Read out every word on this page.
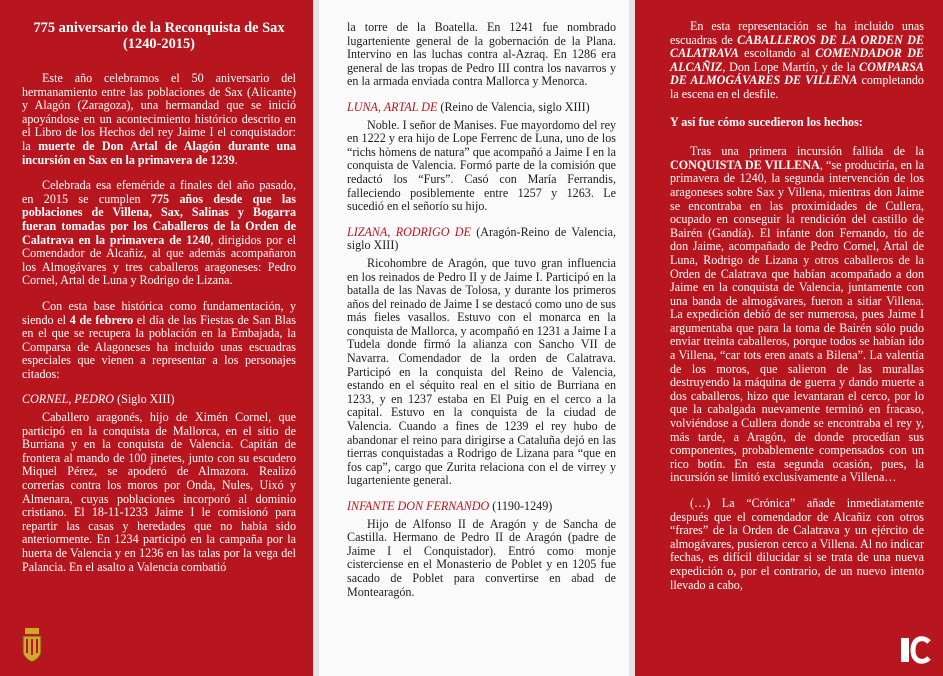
775 aniversario de la Reconquista de Sax (1240-2015)

Este año celebramos el 50 aniversario del hermanamiento entre las poblaciones de Sax (Alicante) y Alagón (Zaragoza), una hermandad que se inició apoyándose en un acontecimiento histórico descrito en el Libro de los Hechos del rey Jaime I el conquistador: la muerte de Don Artal de Alagón durante una incursión en Sax en la primavera de 1239.

Celebrada esa efeméride a finales del año pasado, en 2015 se cumplen 775 años desde que las poblaciones de Villena, Sax, Salinas y Bogarra fueran tomadas por los Caballeros de la Orden de Calatrava en la primavera de 1240, dirigidos por el Comendador de Alcañiz, al que además acompañaron los Almogávares y tres caballeros aragoneses: Pedro Cornel, Artal de Luna y Rodrigo de Lizana.

Con esta base histórica como fundamentación, y siendo el 4 de febrero el día de las Fiestas de San Blas en el que se recupera la población en la Embajada, la Comparsa de Alagoneses ha incluido unas escuadras especiales que vienen a representar a los personajes citados:

CORNEL, PEDRO (Siglo XIII)

Caballero aragonés, hijo de Ximén Cornel, que participó en la conquista de Mallorca, en el sitio de Burriana y en la conquista de Valencia. Capitán de frontera al mando de 100 jinetes, junto con su escudero Miquel Pérez, se apoderó de Almazora. Realizó correrías contra los moros por Onda, Nules, Uixó y Almenara, cuyas poblaciones incorporó al dominio cristiano. El 18-11-1233 Jaime I le comisionó para repartir las casas y heredades que no había sido anteriormente. En 1234 participó en la campaña por la huerta de Valencia y en 1236 en las talas por la vega del Palancia. En el asalto a Valencia combatió

la torre de la Boatella. En 1241 fue nombrado lugarteniente general de la gobernación de la Plana. Intervino en las luchas contra al-Azraq. En 1286 era general de las tropas de Pedro III contra los navarros y en la armada enviada contra Mallorca y Menorca.

LUNA, ARTAL DE (Reino de Valencia, siglo XIII)

Noble. I señor de Manises. Fue mayordomo del rey en 1222 y era hijo de Lope Ferrenc de Luna, uno de los “richs hòmens de natura” que acompañó a Jaime I en la conquista de Valencia. Formó parte de la comisión que redactó los “Furs”. Casó con María Ferrandis, falleciendo posiblemente entre 1257 y 1263. Le sucedió en el señorío su hijo.

LIZANA, RODRIGO DE (Aragón-Reino de Valencia, siglo XIII)

Ricohombre de Aragón, que tuvo gran influencia en los reinados de Pedro II y de Jaime I. Participó en la batalla de las Navas de Tolosa, y durante los primeros años del reinado de Jaime I se destacó como uno de sus más fieles vasallos. Estuvo con el monarca en la conquista de Mallorca, y acompañó en 1231 a Jaime I a Tudela donde firmó la alianza con Sancho VII de Navarra. Comendador de la orden de Calatrava. Participó en la conquista del Reino de Valencia, estando en el séquito real en el sitio de Burriana en 1233, y en 1237 estaba en El Puig en el cerco a la capital. Estuvo en la conquista de la ciudad de Valencia. Cuando a fines de 1239 el rey hubo de abandonar el reino para dirigirse a Cataluña dejó en las tierras conquistadas a Rodrigo de Lizana para “que en fos cap”, cargo que Zurita relaciona con el de virrey y lugarteniente general.

INFANTE DON FERNANDO (1190-1249)

Hijo de Alfonso II de Aragón y de Sancha de Castilla. Hermano de Pedro II de Aragón (padre de Jaime I el Conquistador). Entró como monje cisterciense en el Monasterio de Poblet y en 1205 fue sacado de Poblet para convertirse en abad de Montearagón.

En esta representación se ha incluido unas escuadras de CABALLEROS DE LA ORDEN DE CALATRAVA escoltando al COMENDADOR DE ALCAÑIZ, Don Lope Martín, y de la COMPARSA DE ALMOGÁVARES DE VILLENA completando la escena en el desfile.

Y así fue cómo sucedieron los hechos:

Tras una primera incursión fallida de la CONQUISTA DE VILLENA, “se produciría, en la primavera de 1240, la segunda intervención de los aragoneses sobre Sax y Villena, mientras don Jaime se encontraba en las proximidades de Cullera, ocupado en conseguir la rendición del castillo de Bairén (Gandía). El infante don Fernando, tío de don Jaime, acompañado de Pedro Cornel, Artal de Luna, Rodrigo de Lizana y otros caballeros de la Orden de Calatrava que habían acompañado a don Jaime en la conquista de Valencia, juntamente con una banda de almogávares, fueron a sitiar Villena. La expedición debió de ser numerosa, pues Jaime I argumentaba que para la toma de Bairén sólo pudo enviar treinta caballeros, porque todos se habían ido a Villena, “car tots eren anats a Bilena”. La valentía de los moros, que salieron de las murallas destruyendo la máquina de guerra y dando muerte a dos caballeros, hizo que levantaran el cerco, por lo que la cabalgada nuevamente terminó en fracaso, volviéndose a Cullera donde se encontraba el rey y, más tarde, a Aragón, de donde procedían sus componentes, probablemente compensados con un rico botín. En esta segunda ocasión, pues, la incursión se limitó exclusivamente a Villena…

(…) La “Crónica” añade inmediatamente después que el comendador de Alcañiz con otros “frares” de la Orden de Calatrava y un ejército de almogávares, pusieron cerco a Villena. Al no indicar fechas, es difícil dilucidar si se trata de una nueva expedición o, por el contrario, de un nuevo intento llevado a cabo,
